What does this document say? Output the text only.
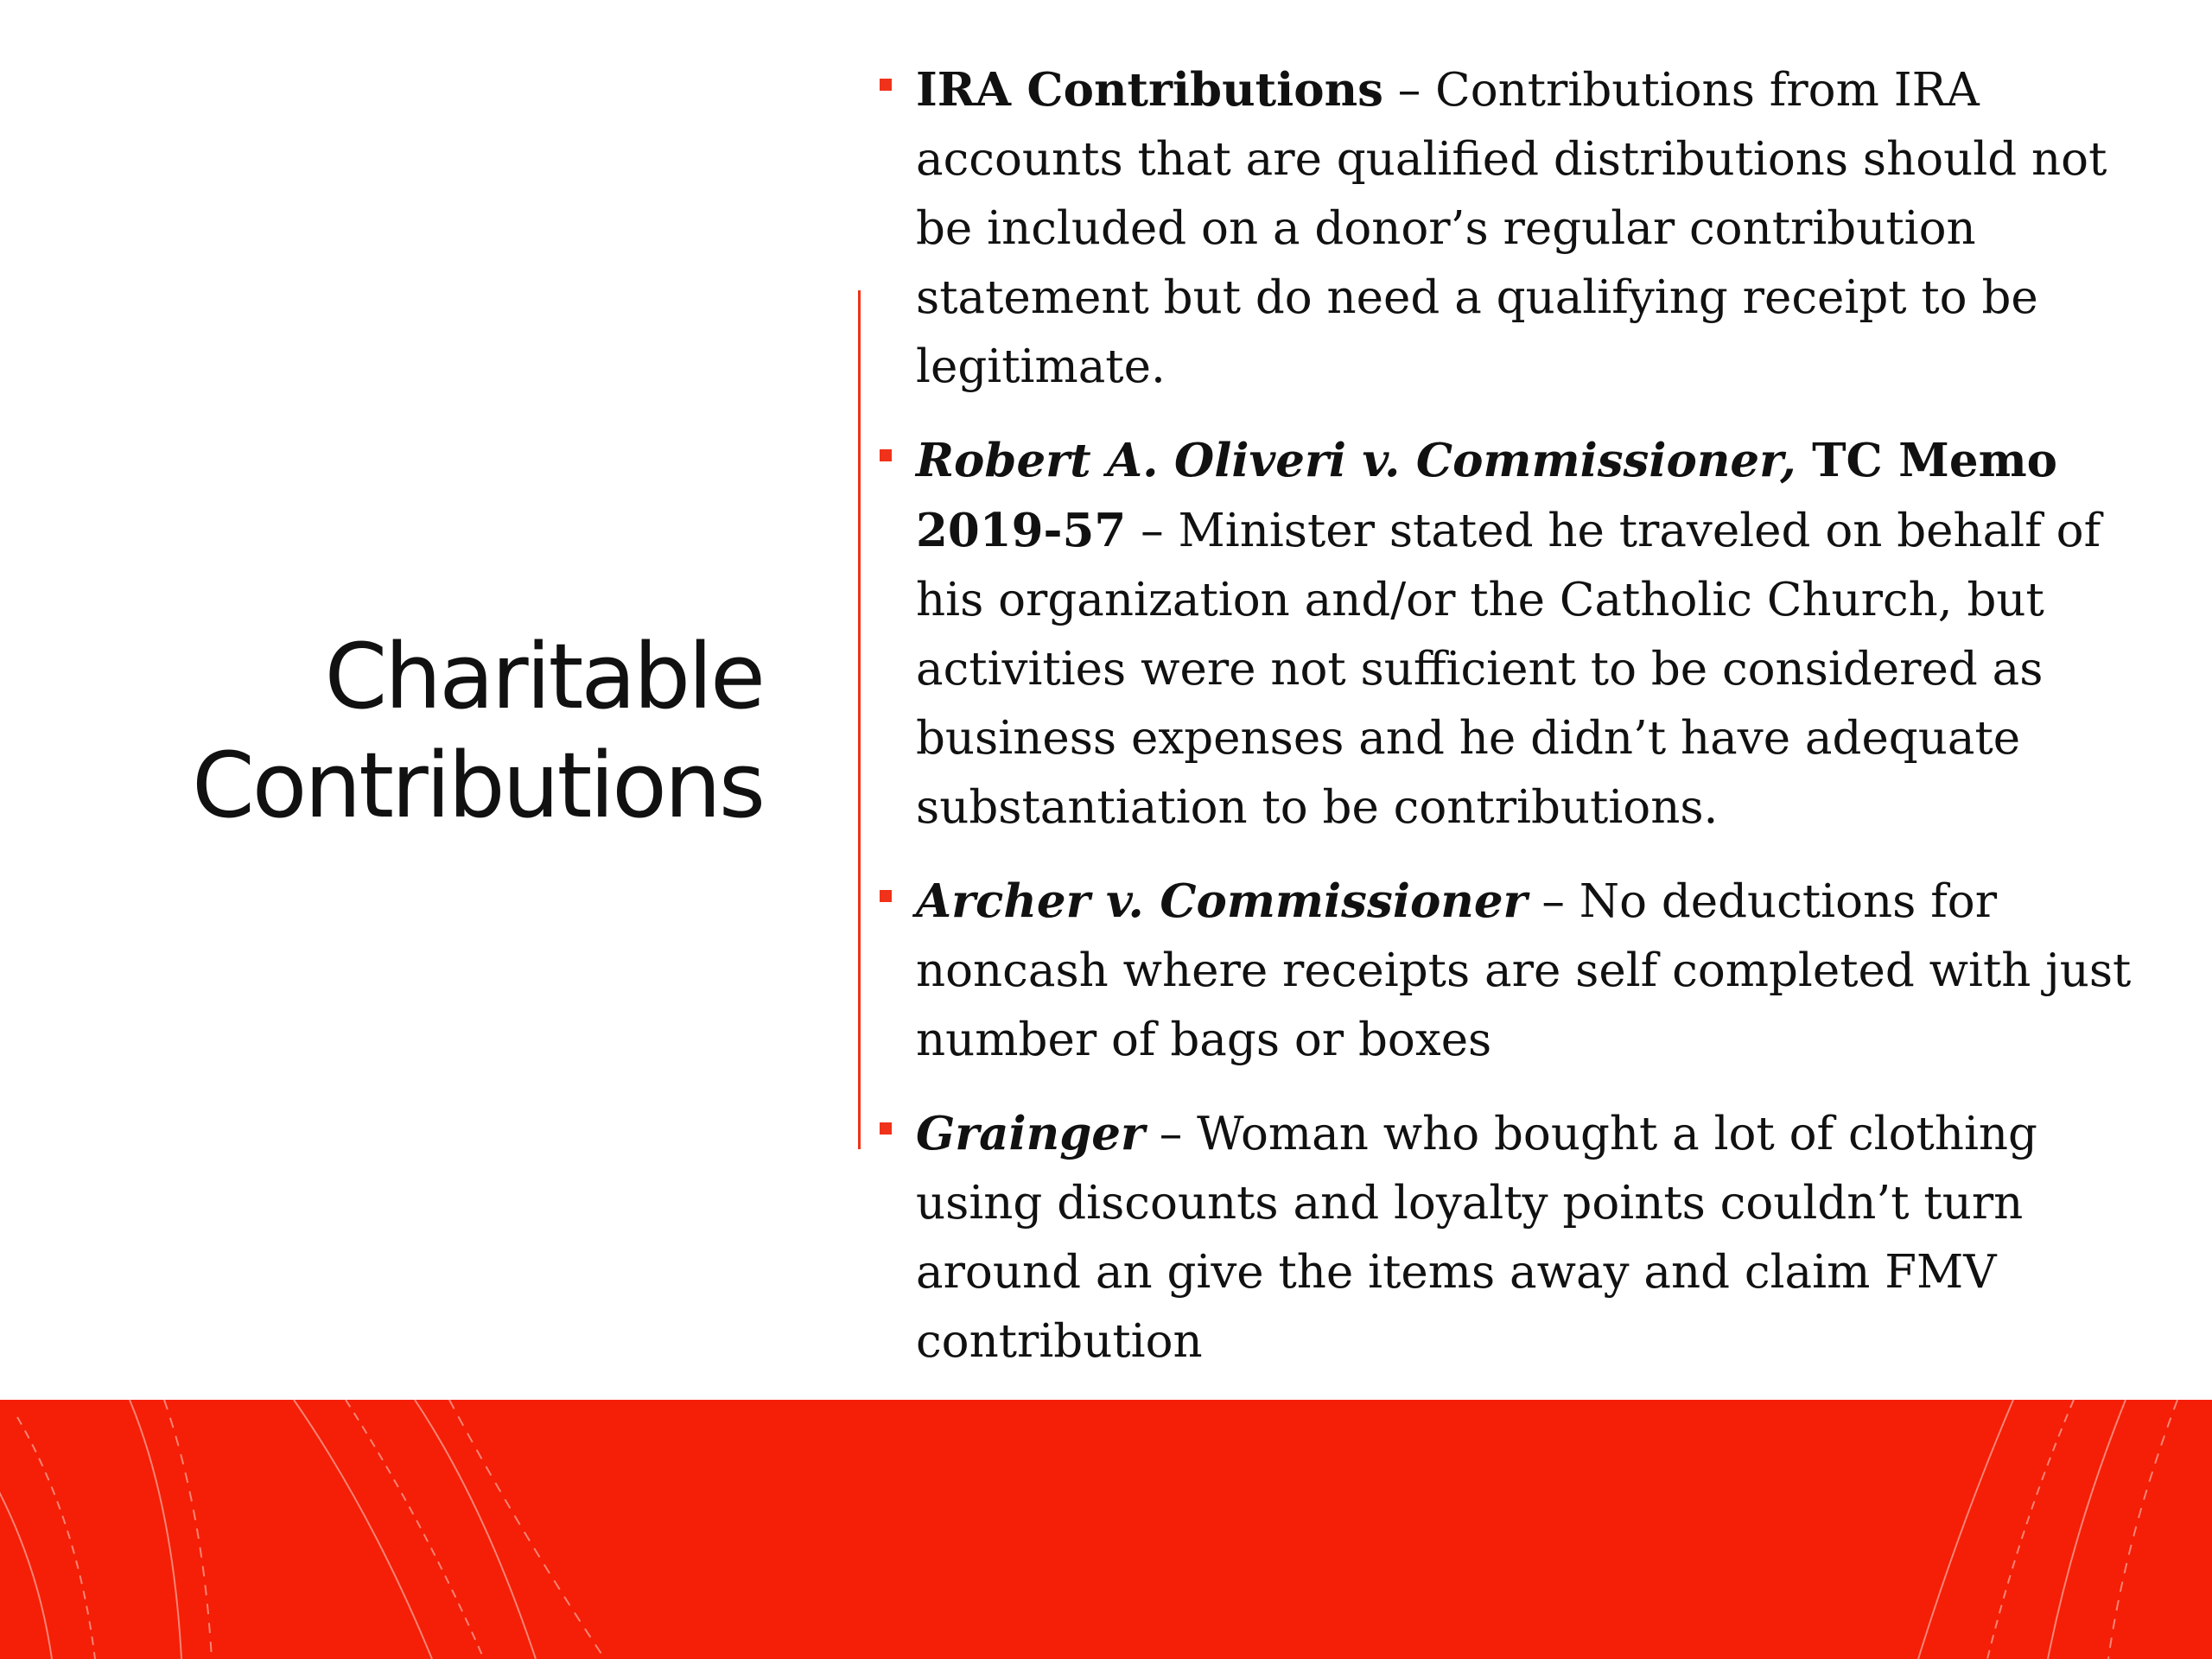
Charitable
Contributions
IRA Contributions – Contributions from IRA accounts that are qualified distributions should not be included on a donor’s regular contribution statement but do need a qualifying receipt to be legitimate.
Robert A. Oliveri v. Commissioner, TC Memo 2019-57 – Minister stated he traveled on behalf of his organization and/or the Catholic Church, but activities were not sufficient to be considered as business expenses and he didn’t have adequate substantiation to be contributions.
Archer v. Commissioner – No deductions for noncash where receipts are self completed with just number of bags or boxes
Grainger – Woman who bought a lot of clothing using discounts and loyalty points couldn’t turn around an give the items away and claim FMV contribution
